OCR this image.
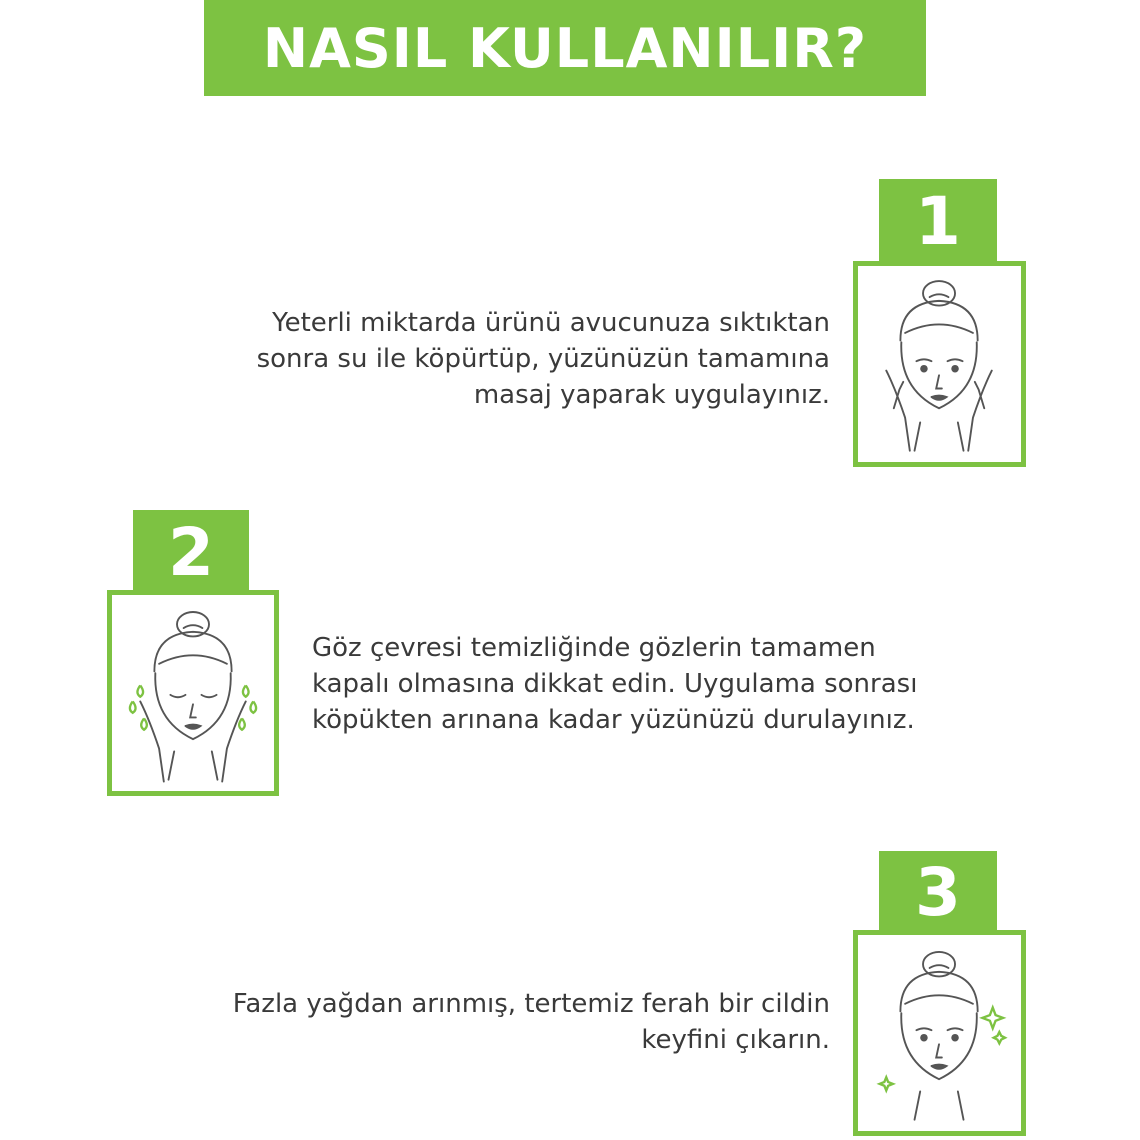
NASIL KULLANILIR?
1
Yeterli miktarda ürünü avucunuza sıktıktan
sonra su ile köpürtüp, yüzünüzün tamamına
masaj yaparak uygulayınız.
2
Göz çevresi temizliğinde gözlerin tamamen
kapalı olmasına dikkat edin. Uygulama sonrası
köpükten arınana kadar yüzünüzü durulayınız.
3
Fazla yağdan arınmış, tertemiz ferah bir cildin
keyfini çıkarın.
